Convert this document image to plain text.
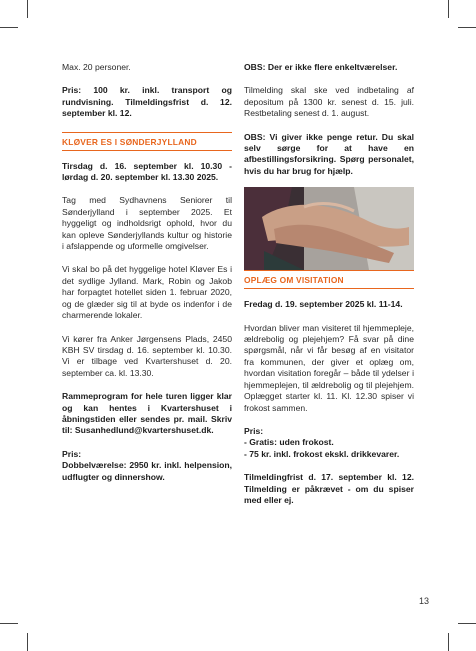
Max. 20 personer.

Pris: 100 kr. inkl. transport og rundvisning. Tilmeldingsfrist d. 12. september kl. 12.

KLØVER ES I SØNDERJYLLAND

Tirsdag d. 16. september kl. 10.30 - lørdag d. 20. september kl. 13.30 2025.

Tag med Sydhavnens Seniorer til Sønderjylland i september 2025. Et hyggeligt og indholdsrigt ophold, hvor du kan opleve Sønderjyllands kultur og historie i afslappende og uformelle omgivelser.

Vi skal bo på det hyggelige hotel Kløver Es i det sydlige Jylland. Mark, Robin og Jakob har forpagtet hotellet siden 1. februar 2020, og de glæder sig til at byde os indenfor i de charmerende lokaler.

Vi kører fra Anker Jørgensens Plads, 2450 KBH SV tirsdag d. 16. september kl. 10.30. Vi er tilbage ved Kvartershuset d. 20. september ca. kl. 13.30.

Rammeprogram for hele turen ligger klar og kan hentes i Kvartershuset i åbningstiden eller sendes pr. mail. Skriv til: Susanhedlund@kvartershuset.dk.

Pris:
Dobbelværelse: 2950 kr. inkl. helpension, udflugter og dinnershow.

OBS: Der er ikke flere enkeltværelser.

Tilmelding skal ske ved indbetaling af depositum på 1300 kr. senest d. 15. juli. Restbetaling senest d. 1. august.

OBS: Vi giver ikke penge retur. Du skal selv sørge for at have en afbestillingsforsikring. Spørg personalet, hvis du har brug for hjælp.

OPLÆG OM VISITATION

Fredag d. 19. september 2025 kl. 11-14.

Hvordan bliver man visiteret til hjemmepleje, ældrebolig og plejehjem? Få svar på dine spørgsmål, når vi får besøg af en visitator fra kommunen, der giver et oplæg om, hvordan visitation foregår – både til ydelser i hjemmeplejen, til ældrebolig og til plejehjem. Oplægget starter kl. 11. Kl. 12.30 spiser vi frokost sammen.

Pris:
- Gratis: uden frokost.
- 75 kr. inkl. frokost ekskl. drikkevarer.

Tilmeldingfrist d. 17. september kl. 12. Tilmelding er påkrævet - om du spiser med eller ej.

13
